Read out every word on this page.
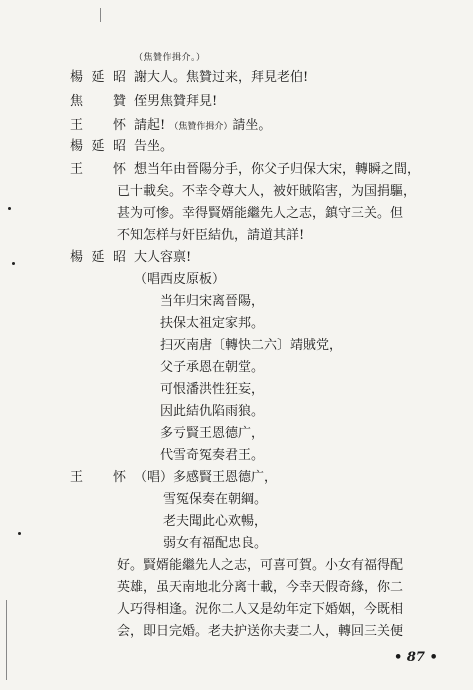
（焦贊作揖介。）
楊延昭 謝大人。焦贊过来，拜見老伯!
焦　贊 侄男焦贊拜見!
王　怀 請起! （焦贊作揖介）請坐。
楊延昭 告坐。
王　怀 想当年由晉陽分手，你父子归保大宋，轉瞬之間，
已十載矣。不幸令尊大人，被奸賊陷害，为国捐驅，
甚为可惨。幸得賢婿能繼先人之志，鎮守三关。但
不知怎样与奸臣結仇，請道其詳!
楊延昭 大人容禀!
（唱西皮原板）
当年归宋离晉陽，
扶保太祖定家邦。
扫灭南唐〔轉快二六〕靖賊党，
父子承恩在朝堂。
可恨潘洪性狂妄，
因此結仇陷雨狼。
多亏賢王恩德广，
代雪奇冤奏君王。
王　怀 （唱）多感賢王恩德广，
雪冤保奏在朝綱。
老夫聞此心欢暢，
弱女有福配忠良。
好。賢婿能繼先人之志，可喜可賀。小女有福得配
英雄，虽天南地北分离十載，今幸天假奇緣，你二
人巧得相逢。況你二人又是幼年定下婚姻，今既相
会，即日完婚。老夫护送你夫妻二人，轉回三关便
• 87 •
